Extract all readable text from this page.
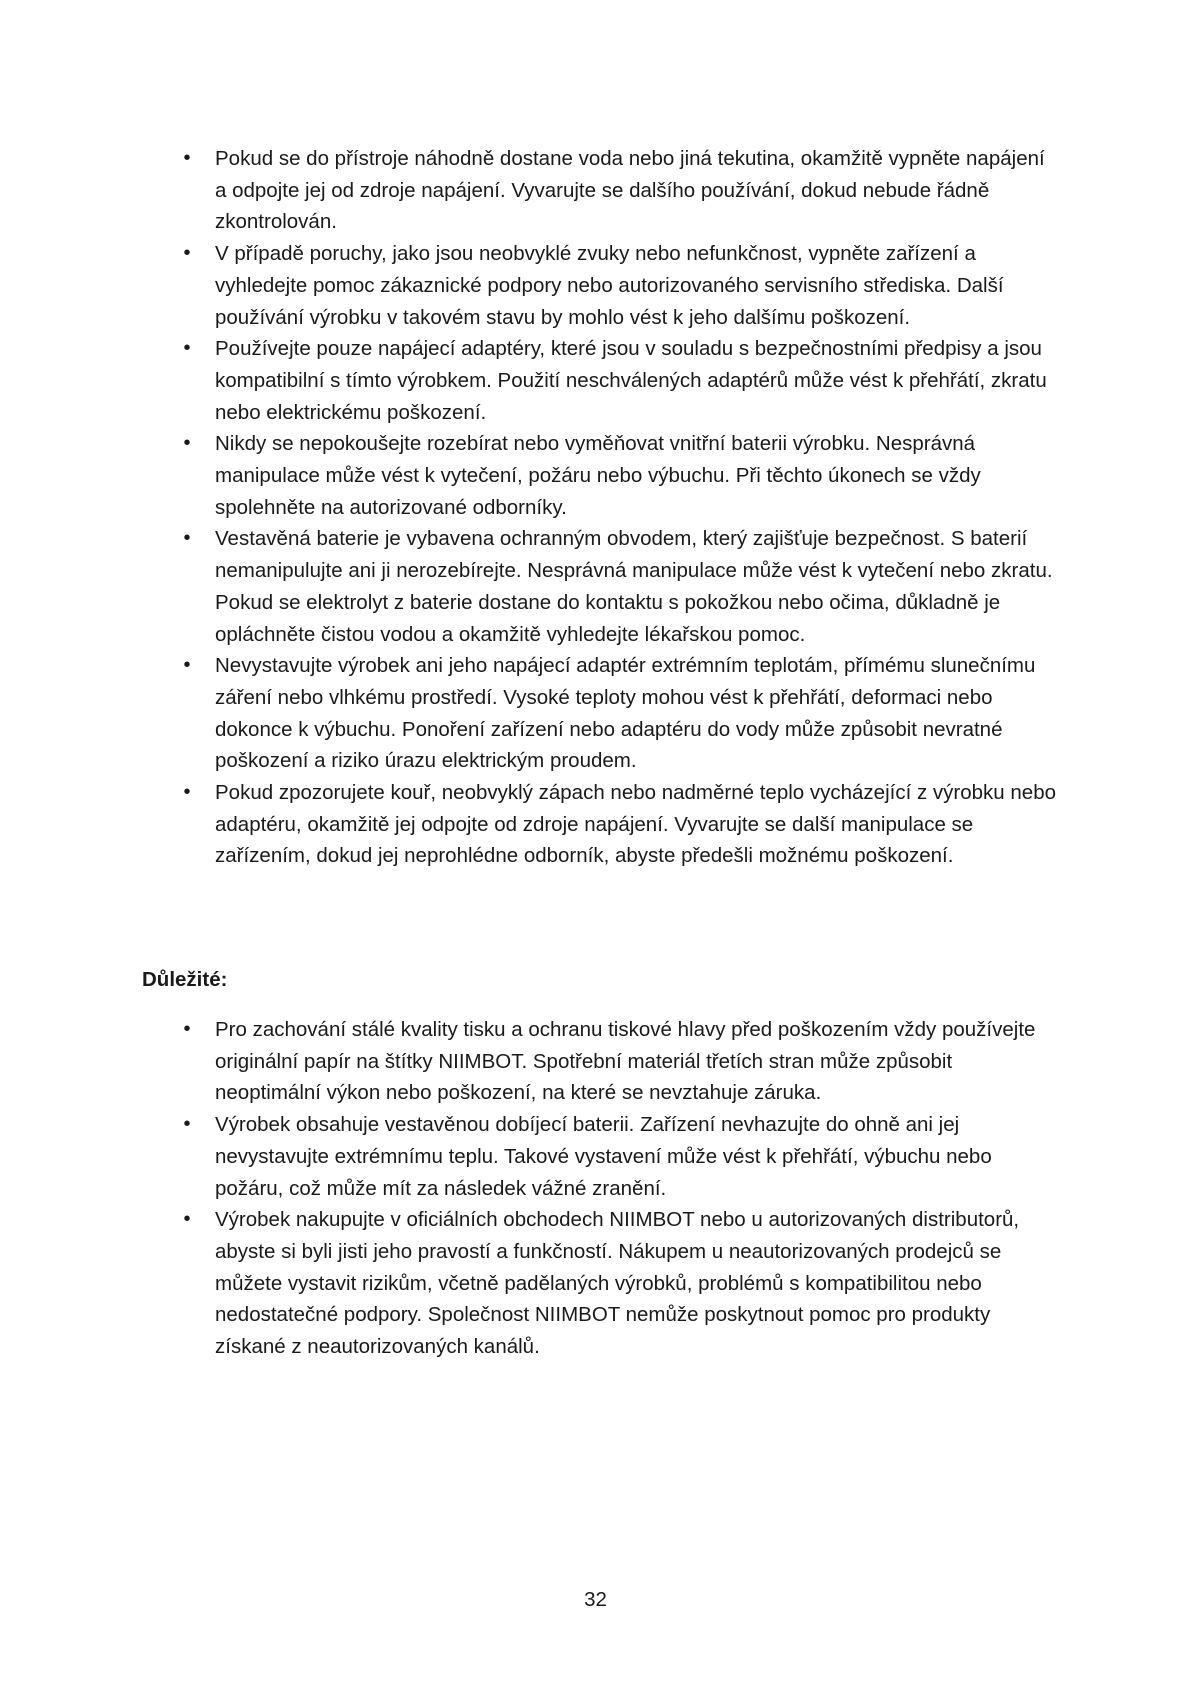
• Pokud se do přístroje náhodně dostane voda nebo jiná tekutina, okamžitě vypněte napájení a odpojte jej od zdroje napájení. Vyvarujte se dalšího používání, dokud nebude řádně zkontrolován.
• V případě poruchy, jako jsou neobvyklé zvuky nebo nefunkčnost, vypněte zařízení a vyhledejte pomoc zákaznické podpory nebo autorizovaného servisního střediska. Další používání výrobku v takovém stavu by mohlo vést k jeho dalšímu poškození.
• Používejte pouze napájecí adaptéry, které jsou v souladu s bezpečnostními předpisy a jsou kompatibilní s tímto výrobkem. Použití neschválených adaptérů může vést k přehřátí, zkratu nebo elektrickému poškození.
• Nikdy se nepokoušejte rozebírat nebo vyměňovat vnitřní baterii výrobku. Nesprávná manipulace může vést k vytečení, požáru nebo výbuchu. Při těchto úkonech se vždy spolehněte na autorizované odborníky.
• Vestavěná baterie je vybavena ochranným obvodem, který zajišťuje bezpečnost. S baterií nemanipulujte ani ji nerozebírejte. Nesprávná manipulace může vést k vytečení nebo zkratu. Pokud se elektrolyt z baterie dostane do kontaktu s pokožkou nebo očima, důkladně je opláchněte čistou vodou a okamžitě vyhledejte lékařskou pomoc.
• Nevystavujte výrobek ani jeho napájecí adaptér extrémním teplotám, přímému slunečnímu záření nebo vlhkému prostředí. Vysoké teploty mohou vést k přehřátí, deformaci nebo dokonce k výbuchu. Ponoření zařízení nebo adaptéru do vody může způsobit nevratné poškození a riziko úrazu elektrickým proudem.
• Pokud zpozorujete kouř, neobvyklý zápach nebo nadměrné teplo vycházející z výrobku nebo adaptéru, okamžitě jej odpojte od zdroje napájení. Vyvarujte se další manipulace se zařízením, dokud jej neprohlédne odborník, abyste předešli možnému poškození.
Důležité:
• Pro zachování stálé kvality tisku a ochranu tiskové hlavy před poškozením vždy používejte originální papír na štítky NIIMBOT. Spotřební materiál třetích stran může způsobit neoptimální výkon nebo poškození, na které se nevztahuje záruka.
• Výrobek obsahuje vestavěnou dobíjecí baterii. Zařízení nevhazujte do ohně ani jej nevystavujte extrémnímu teplu. Takové vystavení může vést k přehřátí, výbuchu nebo požáru, což může mít za následek vážné zranění.
• Výrobek nakupujte v oficiálních obchodech NIIMBOT nebo u autorizovaných distributorů, abyste si byli jisti jeho pravostí a funkčností. Nákupem u neautorizovaných prodejců se můžete vystavit rizikům, včetně padělaných výrobků, problémů s kompatibilitou nebo nedostatečné podpory. Společnost NIIMBOT nemůže poskytnout pomoc pro produkty získané z neautorizovaných kanálů.
32
